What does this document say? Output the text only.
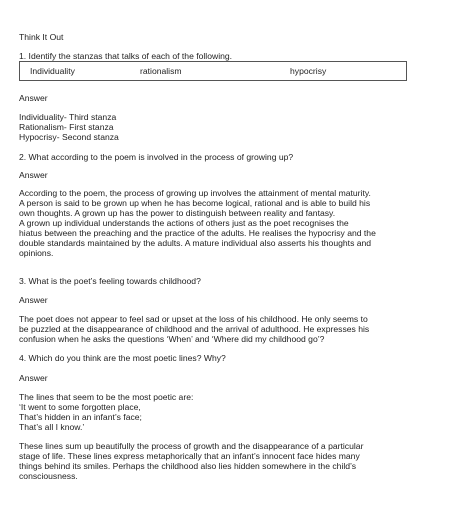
Think It Out
1. Identify the stanzas that talks of each of the following.
Individuality	rationalism	hypocrisy
Answer
Individuality- Third stanza
Rationalism- First stanza
Hypocrisy- Second stanza
2. What according to the poem is involved in the process of growing up?
Answer
According to the poem, the process of growing up involves the attainment of mental maturity.
A person is said to be grown up when he has become logical, rational and is able to build his
own thoughts. A grown up has the power to distinguish between reality and fantasy.
A grown up individual understands the actions of others just as the poet recognises the
hiatus between the preaching and the practice of the adults. He realises the hypocrisy and the
double standards maintained by the adults. A mature individual also asserts his thoughts and
opinions.
3. What is the poet’s feeling towards childhood?
Answer
The poet does not appear to feel sad or upset at the loss of his childhood. He only seems to
be puzzled at the disappearance of childhood and the arrival of adulthood. He expresses his
confusion when he asks the questions ‘When’ and ‘Where did my childhood go’?
4. Which do you think are the most poetic lines? Why?
Answer
The lines that seem to be the most poetic are:
‘It went to some forgotten place,
That’s hidden in an infant’s face;
That’s all I know.’
These lines sum up beautifully the process of growth and the disappearance of a particular
stage of life. These lines express metaphorically that an infant’s innocent face hides many
things behind its smiles. Perhaps the childhood also lies hidden somewhere in the child’s
consciousness.
